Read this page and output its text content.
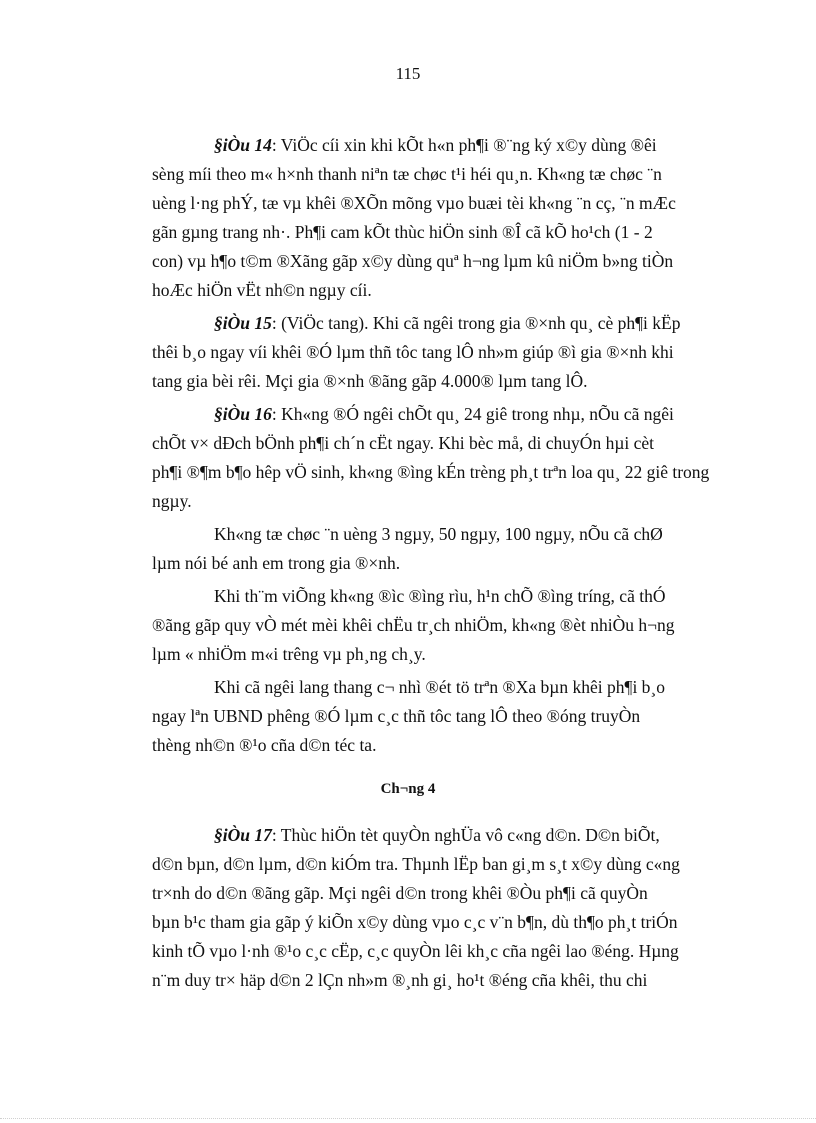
115
§iÒu 14: ViÖc cíi xin khi kÕt h«n ph¶i ®¨ng ký x©y dùng ®êi
sèng míi theo m« h×nh thanh niªn tæ chøc t¹i héi qu¸n. Kh«ng tæ chøc ¨n
uèng l·ng phÝ, tæ vµ khêi ®XÕn mõng vµo buæi tèi kh«ng ¨n cç, ¨n mÆc
gãn gµng trang nh·. Ph¶i cam kÕt thùc hiÖn sinh ®Î cã kÕ ho¹ch (1 - 2
con) vµ h¶o t©m ®Xãng gãp x©y dùng quª h¬ng lµm kû niÖm b»ng tiÒn
hoÆc hiÖn vËt nh©n ngµy cíi.
§iÒu 15: (ViÖc tang). Khi cã ngêi trong gia ®×nh qu¸ cè ph¶i kËp
thêi b¸o ngay víi khêi ®Ó lµm thñ tôc tang lÔ nh»m giúp ®ì gia ®×nh khi
tang gia bèi rêi. Mçi gia ®×nh ®ãng gãp 4.000® lµm tang lÔ.
§iÒu 16: Kh«ng ®Ó ngêi chÕt qu¸ 24 giê trong nhµ, nÕu cã ngêi
chÕt v× dÐch bÖnh ph¶i ch´n cËt ngay. Khi bèc må, di chuyÓn hµi cèt
ph¶i ®¶m b¶o hêp vÖ sinh, kh«ng ®ìng kÉn trèng ph¸t trªn loa qu¸ 22 giê trong
ngµy.
Kh«ng tæ chøc ¨n uèng 3 ngµy, 50 ngµy, 100 ngµy, nÕu cã chØ
lµm nói bé anh em trong gia ®×nh.
Khi th¨m viÕng kh«ng ®ìc ®ìng rìu, h¹n chÕ ®ìng tríng, cã thÓ
®ãng gãp quy vÒ mét mèi khêi chËu tr¸ch nhiÖm, kh«ng ®èt nhiÒu h¬ng
lµm « nhiÖm m«i trêng vµ ph¸ng ch¸y.
Khi cã ngêi lang thang c¬ nhì ®ét tö trªn ®Xa bµn khêi ph¶i b¸o
ngay lªn UBND phêng ®Ó lµm c¸c thñ tôc tang lÔ theo ®óng truyÒn
thèng nh©n ®¹o cña d©n téc ta.
Ch¬ng 4
§iÒu 17: Thùc hiÖn tèt quyÒn nghÜa vô c«ng d©n. D©n biÕt,
d©n bµn, d©n lµm, d©n kiÓm tra. Thµnh lËp ban gi¸m s¸t x©y dùng c«ng
tr×nh do d©n ®ãng gãp. Mçi ngêi d©n trong khêi ®Òu ph¶i cã quyÒn
bµn b¹c tham gia gãp ý kiÕn x©y dùng vµo c¸c v¨n b¶n, dù th¶o ph¸t triÓn
kinh tÕ vµo l·nh ®¹o c¸c cËp, c¸c quyÒn lêi kh¸c cña ngêi lao ®éng. Hµng
n¨m duy tr× häp d©n 2 lÇn nh»m ®¸nh gi¸ ho¹t ®éng cña khêi, thu chi
